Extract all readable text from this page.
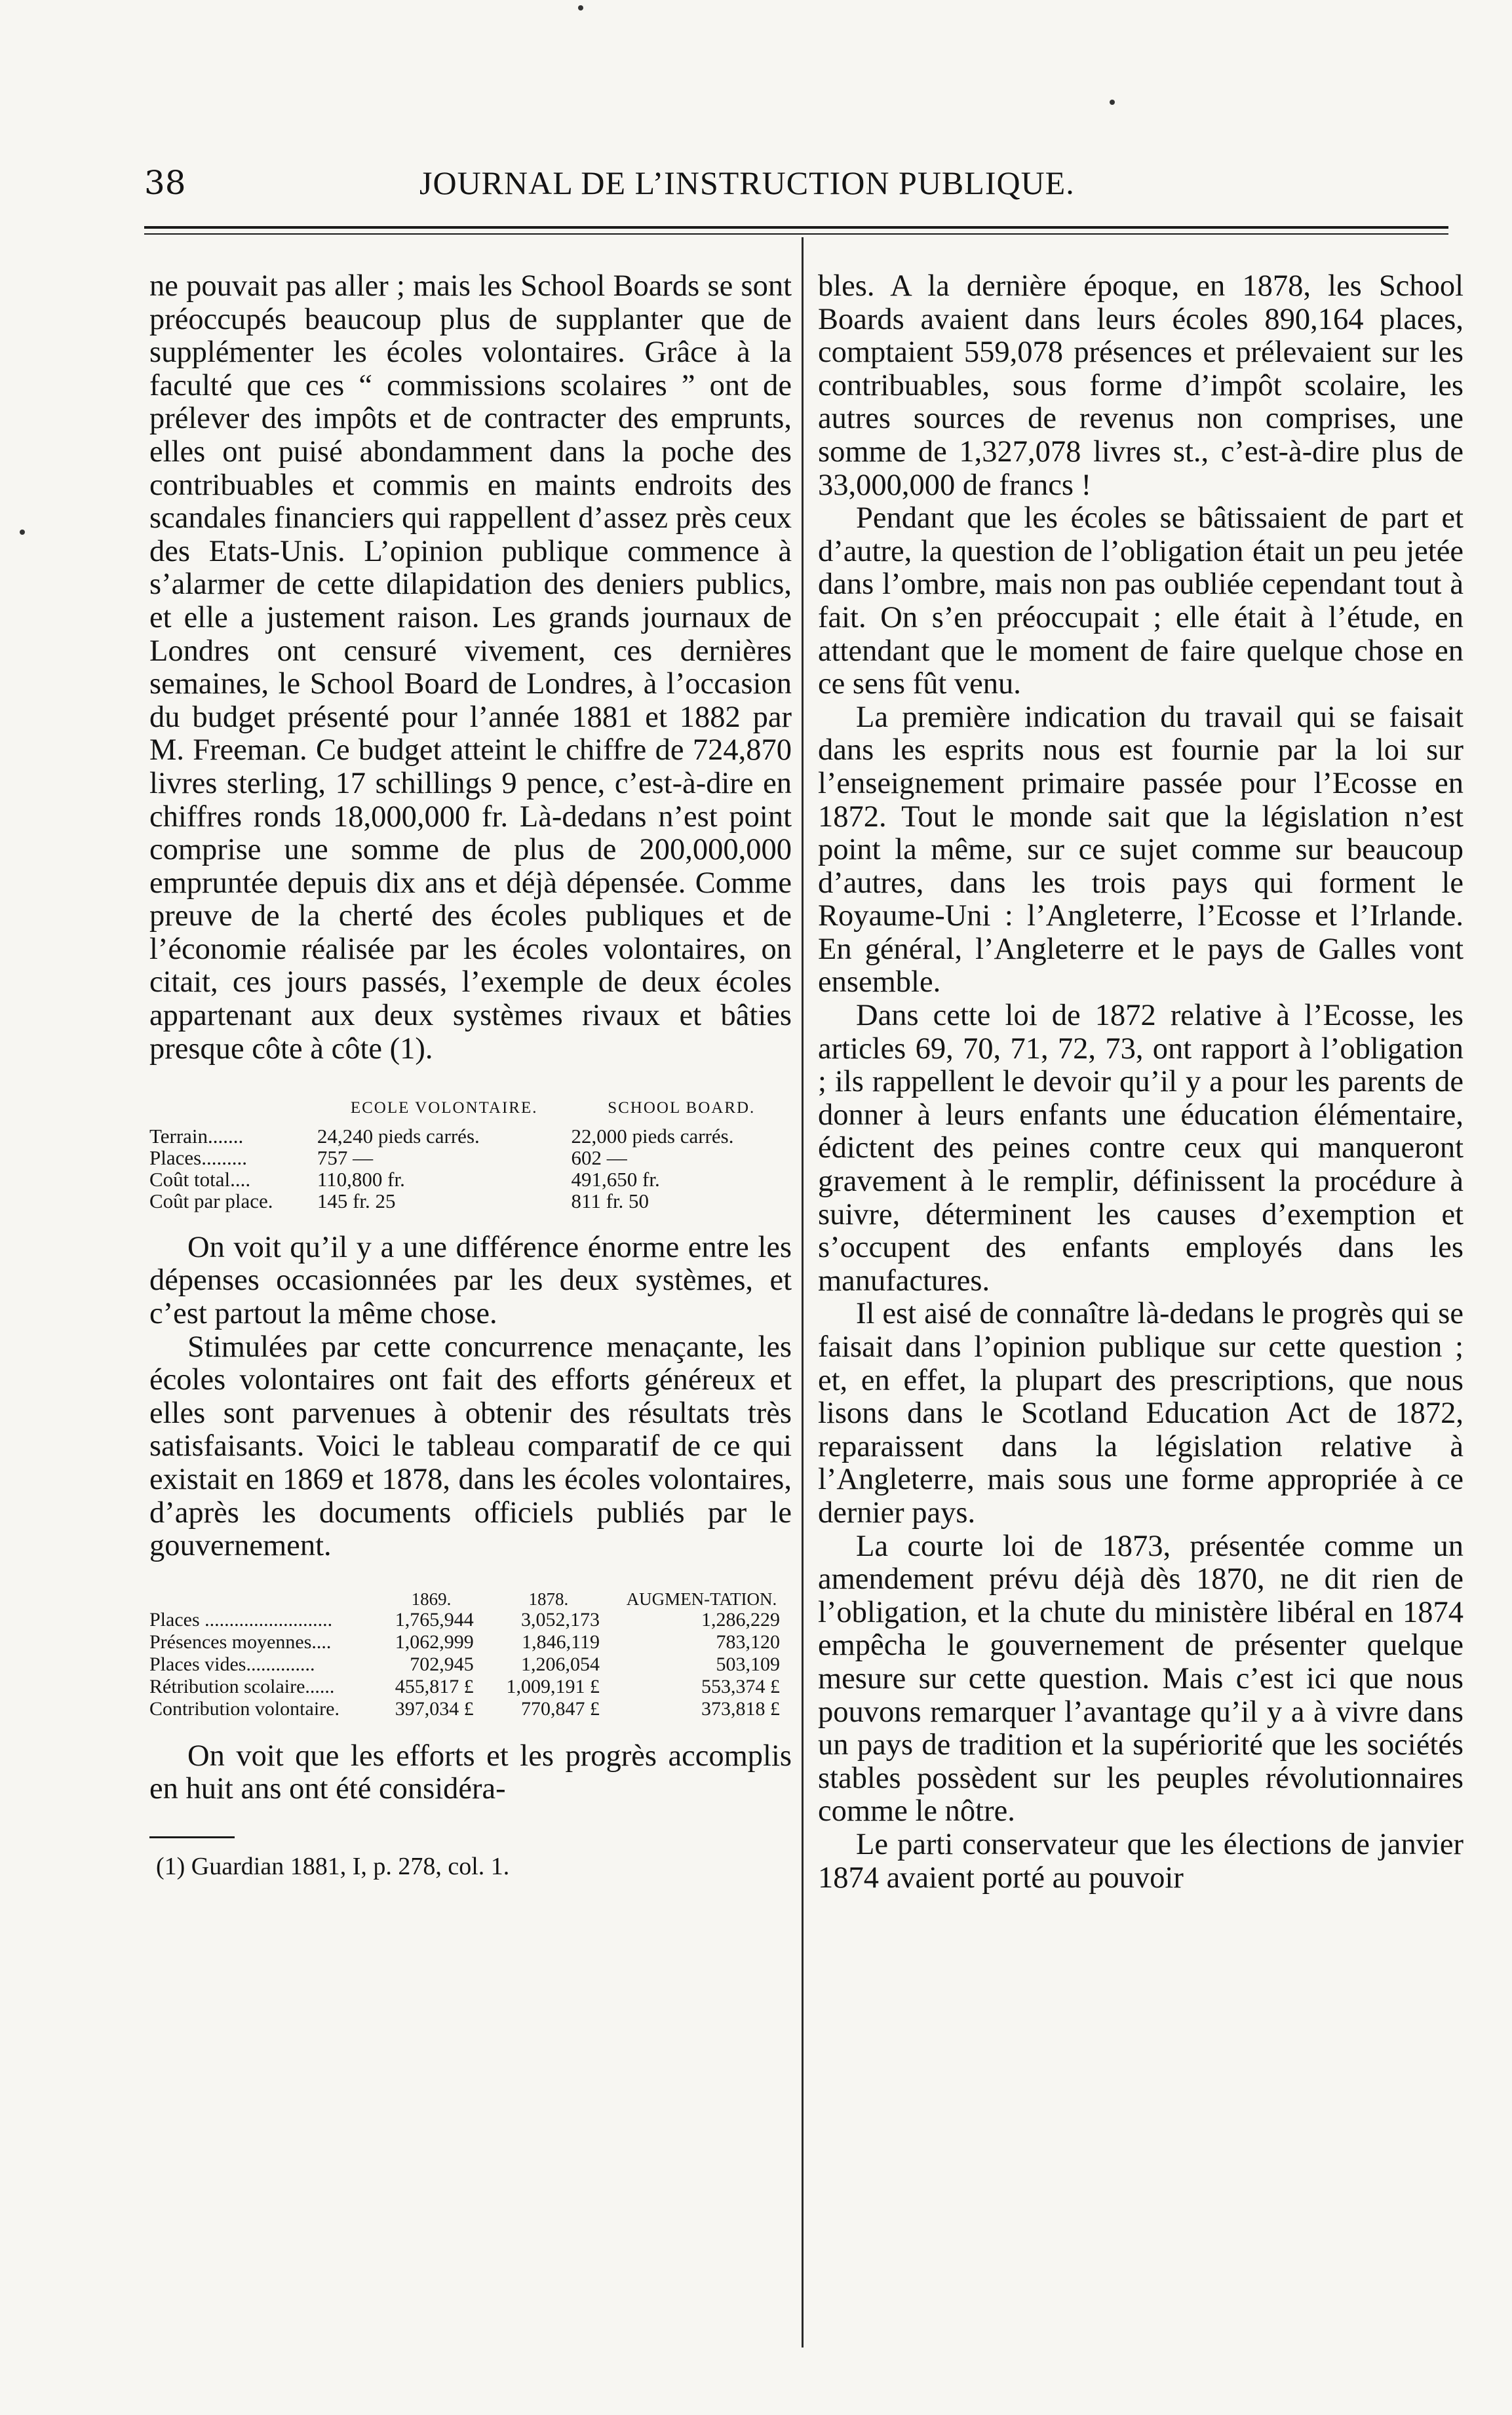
38	JOURNAL DE L’INSTRUCTION PUBLIQUE.

ne pouvait pas aller ; mais les School Boards se sont préoccupés beaucoup plus de supplanter que de supplémenter les écoles volontaires. Grâce à la faculté que ces “ commissions scolaires ” ont de prélever des impôts et de contracter des emprunts, elles ont puisé abondamment dans la poche des contribuables et commis en maints endroits des scandales financiers qui rappellent d’assez près ceux des Etats-Unis. L’opinion publique commence à s’alarmer de cette dilapidation des deniers publics, et elle a justement raison. Les grands journaux de Londres ont censuré vivement, ces dernières semaines, le School Board de Londres, à l’occasion du budget présenté pour l’année 1881 et 1882 par M. Freeman. Ce budget atteint le chiffre de 724,870 livres sterling, 17 schillings 9 pence, c’est-à-dire en chiffres ronds 18,000,000 fr. Là-dedans n’est point comprise une somme de plus de 200,000,000 empruntée depuis dix ans et déjà dépensée. Comme preuve de la cherté des écoles publiques et de l’économie réalisée par les écoles volontaires, on citait, ces jours passés, l’exemple de deux écoles appartenant aux deux systèmes rivaux et bâties presque côte à côte (1).

	ECOLE VOLONTAIRE.	SCHOOL BOARD.
Terrain.......	24,240 pieds carrés.	22,000 pieds carrés.
Places.........	757 —	602 —
Coût total....	110,800 fr.	491,650 fr.
Coût par place.	145 fr. 25	811 fr. 50

On voit qu’il y a une différence énorme entre les dépenses occasionnées par les deux systèmes, et c’est partout la même chose.

Stimulées par cette concurrence menaçante, les écoles volontaires ont fait des efforts généreux et elles sont parvenues à obtenir des résultats très satisfaisants. Voici le tableau comparatif de ce qui existait en 1869 et 1878, dans les écoles volontaires, d’après les documents officiels publiés par le gouvernement.

	1869.	1878.	AUGMEN-TATION.
Places ..........................	1,765,944	3,052,173	1,286,229
Présences moyennes....	1,062,999	1,846,119	783,120
Places vides..............	702,945	1,206,054	503,109
Rétribution scolaire......	455,817 £	1,009,191 £	553,374 £
Contribution volontaire.	397,034 £	770,847 £	373,818 £

On voit que les efforts et les progrès accomplis en huit ans ont été considéra-

(1) Guardian 1881, I, p. 278, col. 1.

bles. A la dernière époque, en 1878, les School Boards avaient dans leurs écoles 890,164 places, comptaient 559,078 présences et prélevaient sur les contribuables, sous forme d’impôt scolaire, les autres sources de revenus non comprises, une somme de 1,327,078 livres st., c’est-à-dire plus de 33,000,000 de francs !

Pendant que les écoles se bâtissaient de part et d’autre, la question de l’obligation était un peu jetée dans l’ombre, mais non pas oubliée cependant tout à fait. On s’en préoccupait ; elle était à l’étude, en attendant que le moment de faire quelque chose en ce sens fût venu.

La première indication du travail qui se faisait dans les esprits nous est fournie par la loi sur l’enseignement primaire passée pour l’Ecosse en 1872. Tout le monde sait que la législation n’est point la même, sur ce sujet comme sur beaucoup d’autres, dans les trois pays qui forment le Royaume-Uni : l’Angleterre, l’Ecosse et l’Irlande. En général, l’Angleterre et le pays de Galles vont ensemble.

Dans cette loi de 1872 relative à l’Ecosse, les articles 69, 70, 71, 72, 73, ont rapport à l’obligation ; ils rappellent le devoir qu’il y a pour les parents de donner à leurs enfants une éducation élémentaire, édictent des peines contre ceux qui manqueront gravement à le remplir, définissent la procédure à suivre, déterminent les causes d’exemption et s’occupent des enfants employés dans les manufactures.

Il est aisé de connaître là-dedans le progrès qui se faisait dans l’opinion publique sur cette question ; et, en effet, la plupart des prescriptions, que nous lisons dans le Scotland Education Act de 1872, reparaissent dans la législation relative à l’Angleterre, mais sous une forme appropriée à ce dernier pays.

La courte loi de 1873, présentée comme un amendement prévu déjà dès 1870, ne dit rien de l’obligation, et la chute du ministère libéral en 1874 empêcha le gouvernement de présenter quelque mesure sur cette question. Mais c’est ici que nous pouvons remarquer l’avantage qu’il y a à vivre dans un pays de tradition et la supériorité que les sociétés stables possèdent sur les peuples révolutionnaires comme le nôtre.

Le parti conservateur que les élections de janvier 1874 avaient porté au pouvoir
